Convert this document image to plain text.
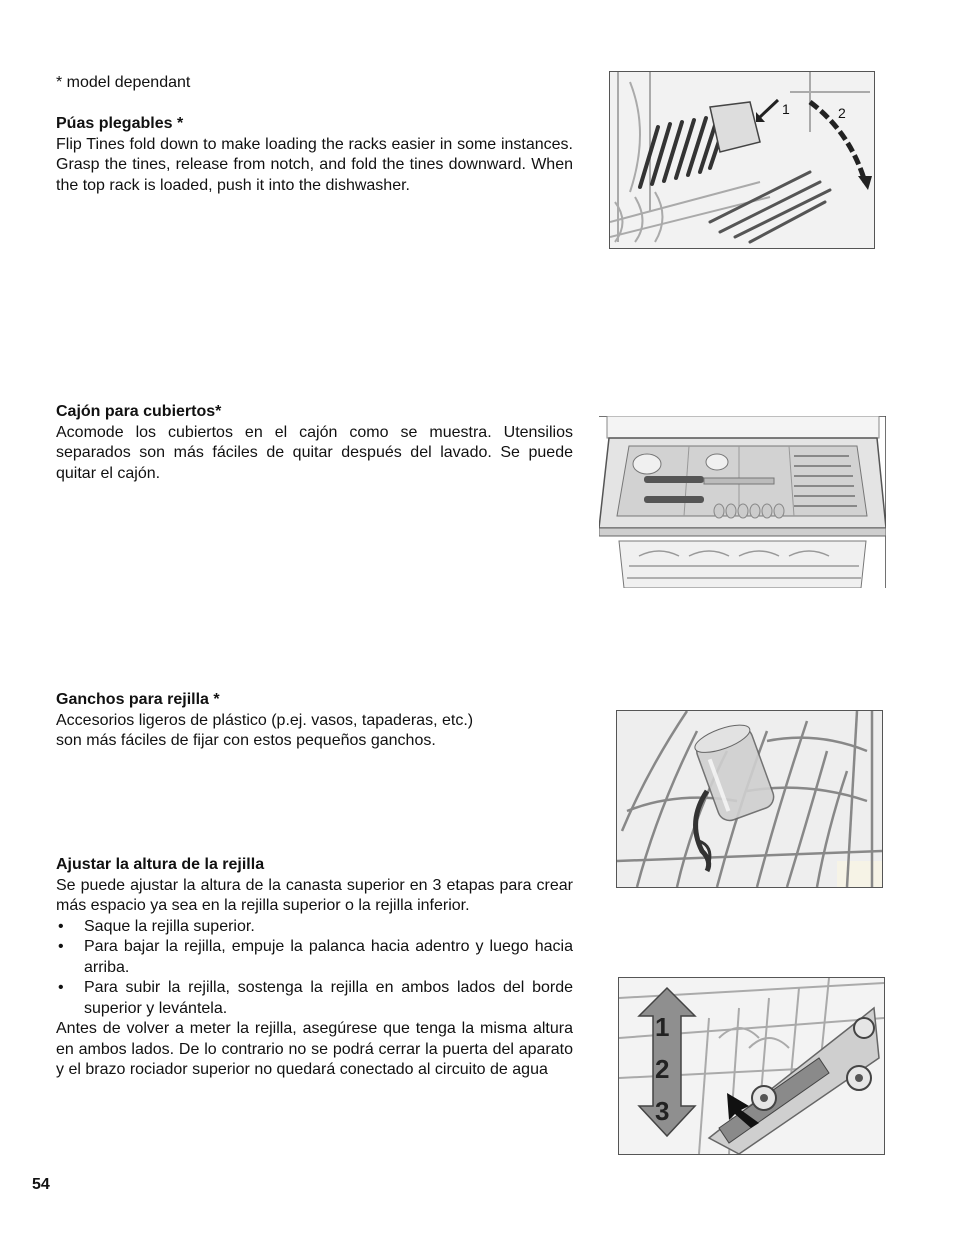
* model dependant

Púas plegables *

Flip Tines fold down to make loading the racks easier in some instances. Grasp the tines, release from notch, and fold the tines downward. When the top rack is loaded, push it into the dishwasher.

1	2
Cajón para cubiertos*

Acomode los cubiertos en el cajón como se muestra. Utensilios separados son más fáciles de quitar después del lavado. Se puede quitar el cajón.

Ganchos para rejilla *

Accesorios ligeros de plástico (p.ej. vasos, tapaderas, etc.)

son más fáciles de fijar con estos pequeños ganchos.

Ajustar la altura de la rejilla

Se puede ajustar la altura de la canasta superior en 3 etapas para crear más espacio ya sea en la rejilla superior o la rejilla inferior.

• Saque la rejilla superior.
• Para bajar la rejilla, empuje la palanca hacia adentro y luego hacia arriba.
• Para subir la rejilla, sostenga la rejilla en ambos lados del borde superior y levántela.

Antes de volver a meter la rejilla, asegúrese que tenga la misma altura en ambos lados. De lo contrario no se podrá cerrar la puerta del aparato y el brazo rociador superior no quedará conectado al circuito de agua

1
2
3
54
